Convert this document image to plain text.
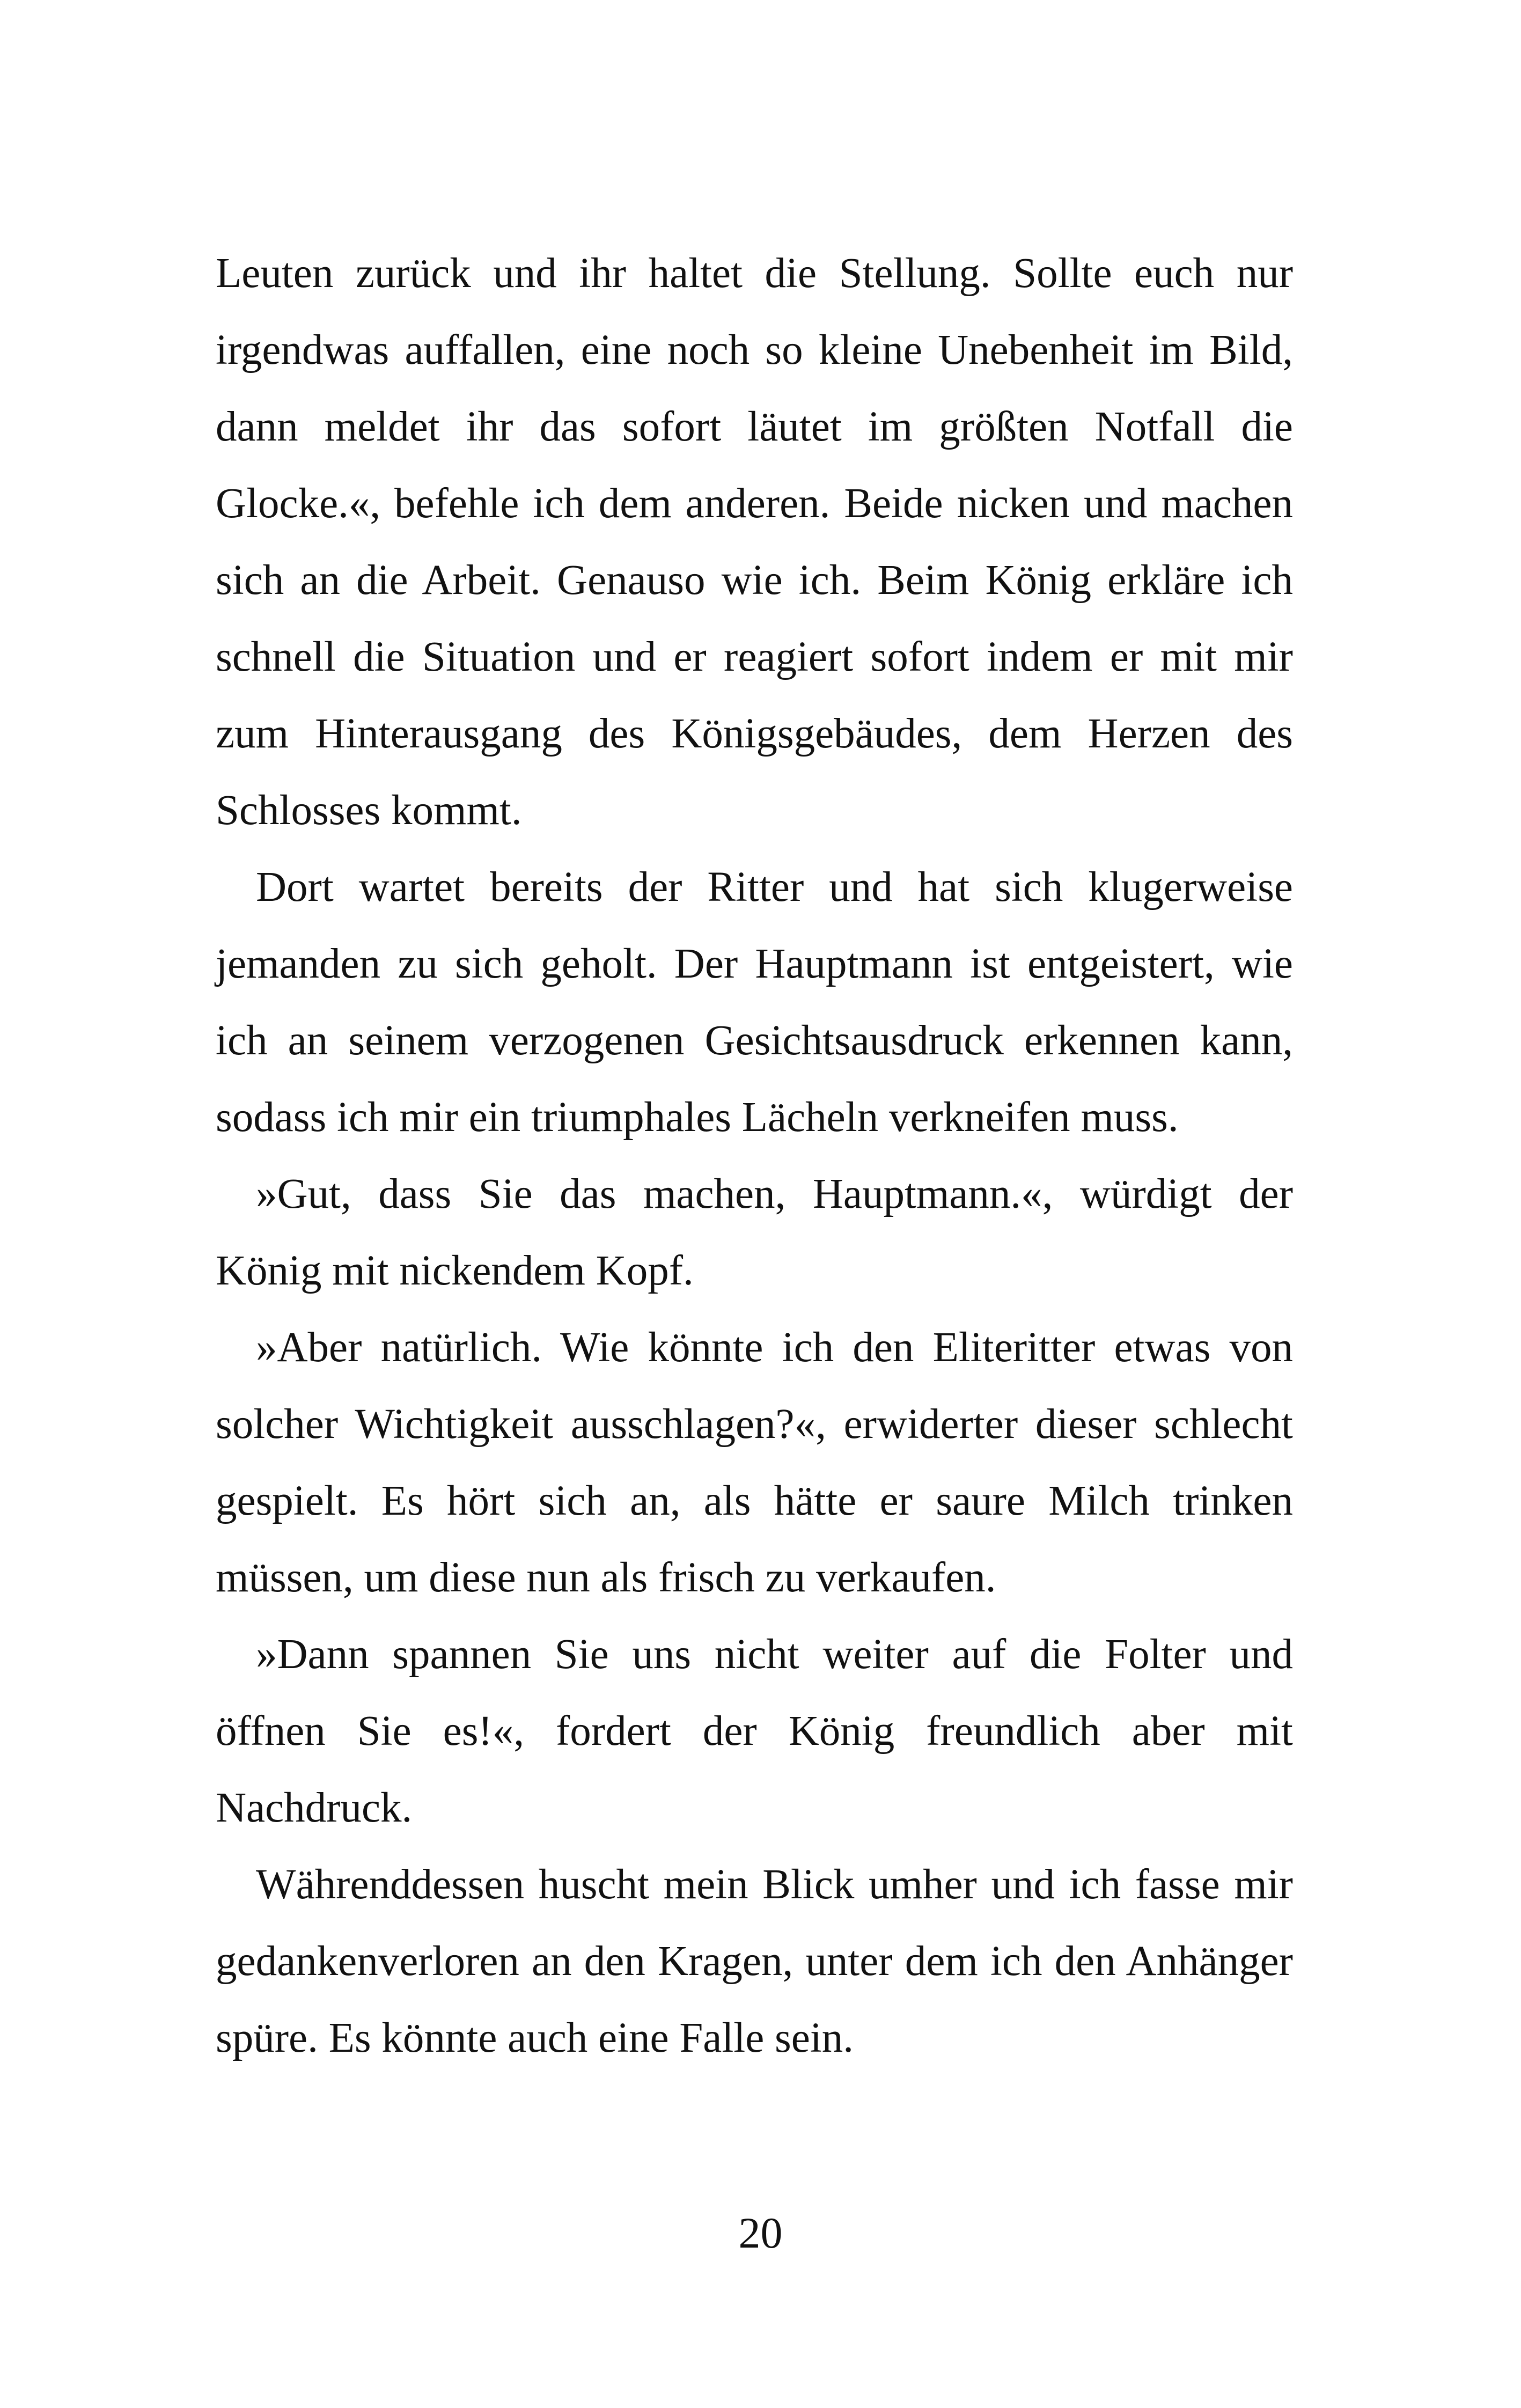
Leuten zurück und ihr haltet die Stellung. Sollte euch nur irgendwas auffallen, eine noch so kleine Unebenheit im Bild, dann meldet ihr das sofort läutet im größten Notfall die Glocke.«, befehle ich dem anderen. Beide nicken und machen sich an die Arbeit. Genauso wie ich. Beim König erkläre ich schnell die Situation und er reagiert sofort indem er mit mir zum Hinterausgang des Königsgebäudes, dem Herzen des Schlosses kommt.

Dort wartet bereits der Ritter und hat sich klugerweise jemanden zu sich geholt. Der Hauptmann ist entgeistert, wie ich an seinem verzogenen Gesichtsausdruck erkennen kann, sodass ich mir ein triumphales Lächeln verkneifen muss.

»Gut, dass Sie das machen, Hauptmann.«, würdigt der König mit nickendem Kopf.

»Aber natürlich. Wie könnte ich den Eliteritter etwas von solcher Wichtigkeit ausschlagen?«, erwiderter dieser schlecht gespielt. Es hört sich an, als hätte er saure Milch trinken müssen, um diese nun als frisch zu verkaufen.

»Dann spannen Sie uns nicht weiter auf die Folter und öffnen Sie es!«, fordert der König freundlich aber mit Nachdruck.

Währenddessen huscht mein Blick umher und ich fasse mir gedankenverloren an den Kragen, unter dem ich den Anhänger spüre. Es könnte auch eine Falle sein.

20
